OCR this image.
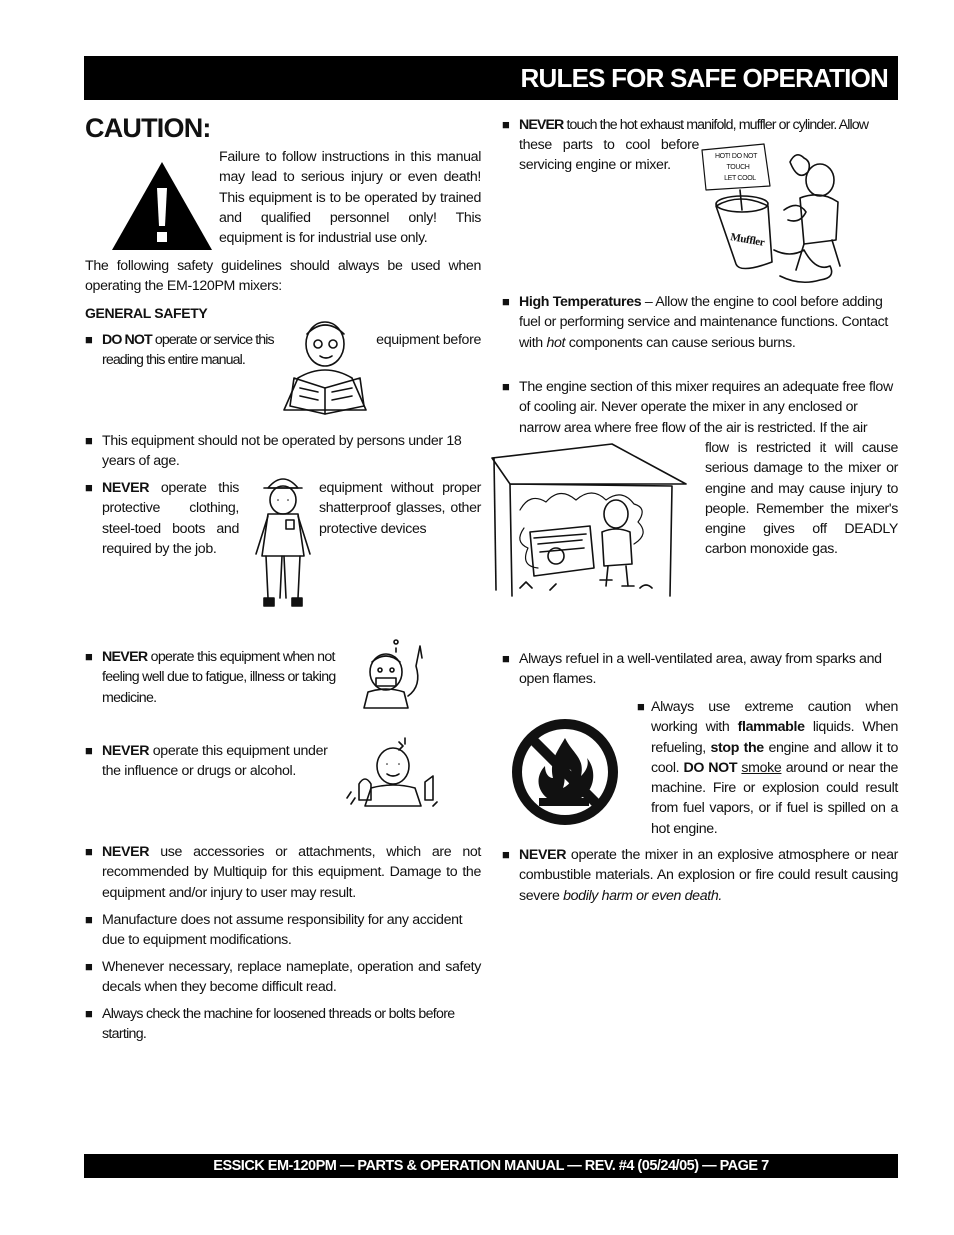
RULES FOR SAFE OPERATION
CAUTION:
Failure to follow instructions in this manual may lead to serious injury or even death! This equipment is to be operated by trained and qualified personnel only! This equipment is for industrial use only.
The following safety guidelines should always be used when operating the EM-120PM mixers:
GENERAL SAFETY
■ DO NOT operate or service this
reading this entire manual.
equipment before
■ This equipment should not be operated by persons under 18 years of age.
■ NEVER operate this protective clothing, steel-toed boots and required by the job.
equipment without proper shatterproof glasses, other protective devices
■ NEVER operate this equipment when not feeling well due to fatigue, illness or taking medicine.
■ NEVER operate this equipment under the influence or drugs or alcohol.
■ NEVER use accessories or attachments, which are not recommended by Multiquip for this equipment. Damage to the equipment and/or injury to user may result.
■ Manufacture does not assume responsibility for any accident due to equipment modifications.
■ Whenever necessary, replace nameplate, operation and safety decals when they become difficult read.
■ Always check the machine for loosened threads or bolts before starting.
■ NEVER touch the hot exhaust manifold, muffler or cylinder. Allow
these parts to cool before servicing engine or mixer.
HOT! DO NOT
TOUCH
LET COOL
Muffler
■ High Temperatures – Allow the engine to cool before adding fuel or performing service and maintenance functions. Contact with hot components can cause serious burns.
■ The engine section of this mixer requires an adequate free flow of cooling air. Never operate the mixer in any enclosed or narrow area where free flow of the air is restricted. If the air
flow is restricted it will cause serious damage to the mixer or engine and may cause injury to people. Remember the mixer's engine gives off DEADLY carbon monoxide gas.
■ Always refuel in a well-ventilated area, away from sparks and open flames.
■ Always use extreme caution when working with flammable liquids. When refueling, stop the engine and allow it to cool. DO NOT smoke around or near the machine. Fire or explosion could result from fuel vapors, or if fuel is spilled on a hot engine.
■ NEVER operate the mixer in an explosive atmosphere or near combustible materials. An explosion or fire could result causing severe bodily harm or even death.
ESSICK EM-120PM — PARTS & OPERATION MANUAL — REV. #4 (05/24/05) — PAGE 7
